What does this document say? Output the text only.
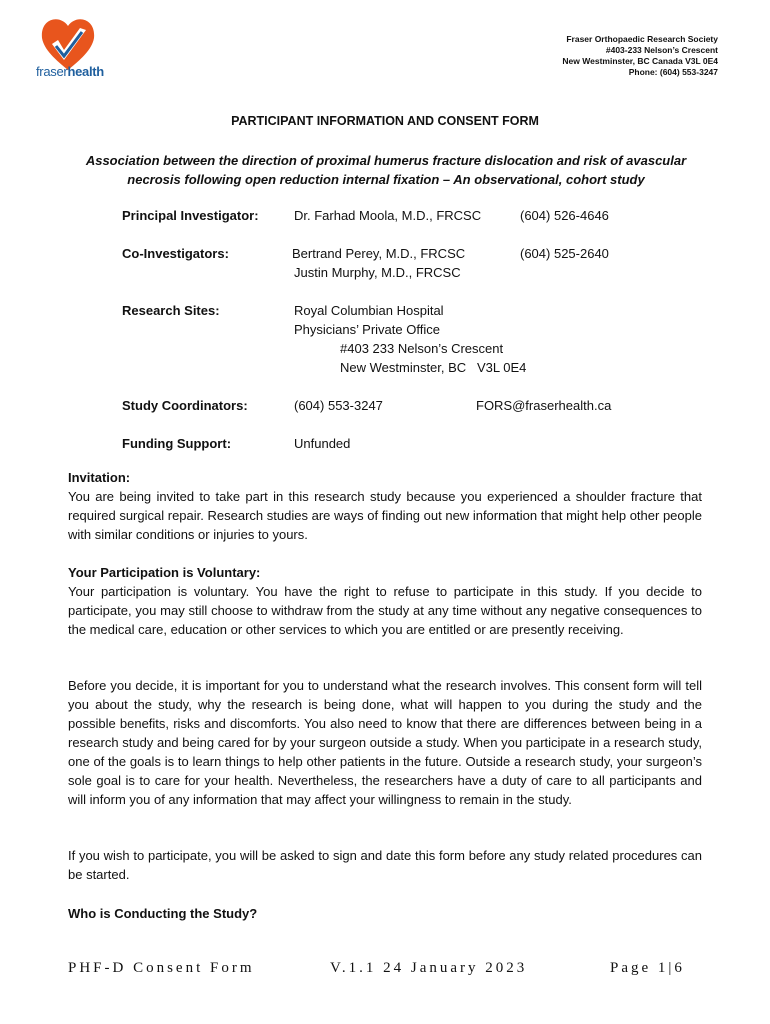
fraserhealth
Fraser Orthopaedic Research Society
#403-233 Nelson’s Crescent
New Westminster, BC Canada V3L 0E4
Phone: (604) 553-3247
PARTICIPANT INFORMATION AND CONSENT FORM
Association between the direction of proximal humerus fracture dislocation and risk of avascular
necrosis following open reduction internal fixation – An observational, cohort study
Principal Investigator:	Dr. Farhad Moola, M.D., FRCSC	(604) 526-4646
Co-Investigators:	Bertrand Perey, M.D., FRCSC	(604) 525-2640
Justin Murphy, M.D., FRCSC
Research Sites:	Royal Columbian Hospital
Physicians’ Private Office
#403 233 Nelson’s Crescent
New Westminster, BC   V3L 0E4
Study Coordinators:	(604) 553-3247	FORS@fraserhealth.ca
Funding Support:	Unfunded
Invitation:
You are being invited to take part in this research study because you experienced a shoulder fracture that required surgical repair. Research studies are ways of finding out new information that might help other people with similar conditions or injuries to yours.
Your Participation is Voluntary:
Your participation is voluntary. You have the right to refuse to participate in this study. If you decide to participate, you may still choose to withdraw from the study at any time without any negative consequences to the medical care, education or other services to which you are entitled or are presently receiving.
Before you decide, it is important for you to understand what the research involves. This consent form will tell you about the study, why the research is being done, what will happen to you during the study and the possible benefits, risks and discomforts. You also need to know that there are differences between being in a research study and being cared for by your surgeon outside a study. When you participate in a research study, one of the goals is to learn things to help other patients in the future. Outside a research study, your surgeon’s sole goal is to care for your health. Nevertheless, the researchers have a duty of care to all participants and will inform you of any information that may affect your willingness to remain in the study.
If you wish to participate, you will be asked to sign and date this form before any study related procedures can be started.
Who is Conducting the Study?
PHF-D Consent Form	V.1.1 24 January 2023	Page 1|6
